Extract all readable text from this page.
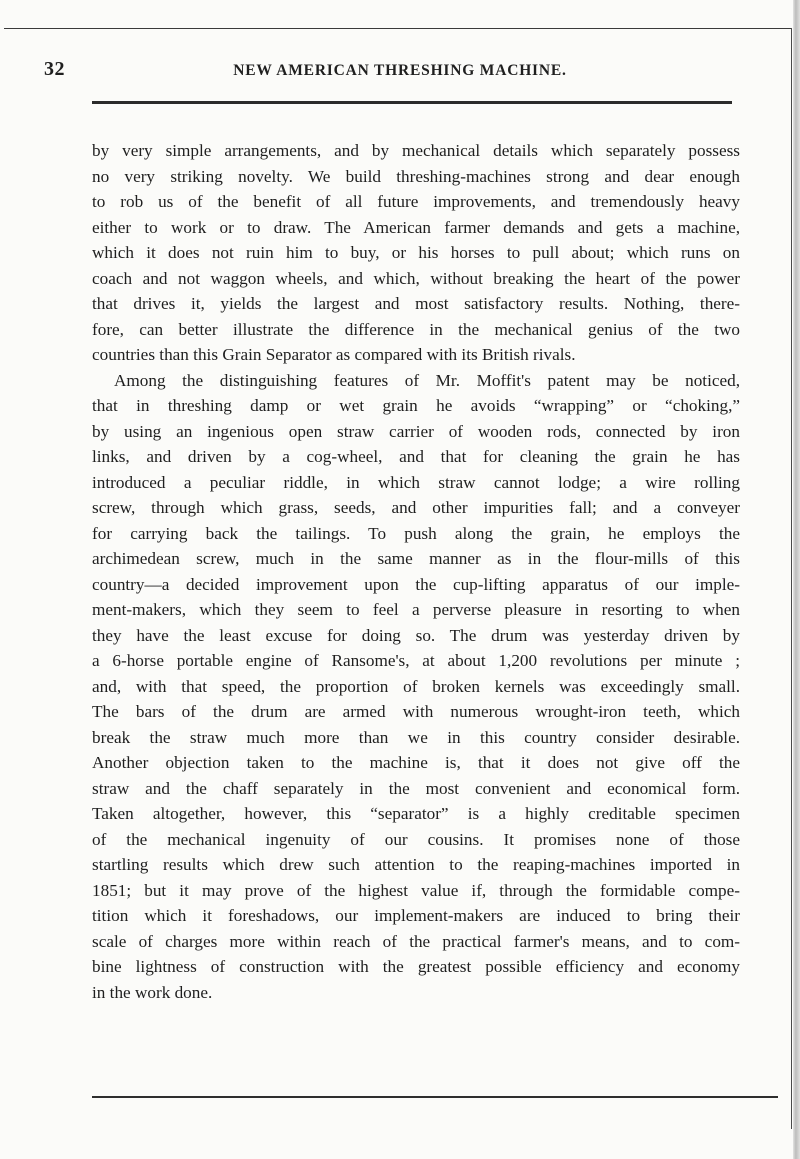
32	NEW AMERICAN THRESHING MACHINE.
by very simple arrangements, and by mechanical details which separately possess
no very striking novelty. We build threshing-machines strong and dear enough
to rob us of the benefit of all future improvements, and tremendously heavy
either to work or to draw. The American farmer demands and gets a machine,
which it does not ruin him to buy, or his horses to pull about; which runs on
coach and not waggon wheels, and which, without breaking the heart of the power
that drives it, yields the largest and most satisfactory results. Nothing, there-
fore, can better illustrate the difference in the mechanical genius of the two
countries than this Grain Separator as compared with its British rivals.
Among the distinguishing features of Mr. Moffit's patent may be noticed,
that in threshing damp or wet grain he avoids “wrapping” or “choking,”
by using an ingenious open straw carrier of wooden rods, connected by iron
links, and driven by a cog-wheel, and that for cleaning the grain he has
introduced a peculiar riddle, in which straw cannot lodge; a wire rolling
screw, through which grass, seeds, and other impurities fall; and a conveyer
for carrying back the tailings. To push along the grain, he employs the
archimedean screw, much in the same manner as in the flour-mills of this
country—a decided improvement upon the cup-lifting apparatus of our imple-
ment-makers, which they seem to feel a perverse pleasure in resorting to when
they have the least excuse for doing so. The drum was yesterday driven by
a 6-horse portable engine of Ransome's, at about 1,200 revolutions per minute ;
and, with that speed, the proportion of broken kernels was exceedingly small.
The bars of the drum are armed with numerous wrought-iron teeth, which
break the straw much more than we in this country consider desirable.
Another objection taken to the machine is, that it does not give off the
straw and the chaff separately in the most convenient and economical form.
Taken altogether, however, this “separator” is a highly creditable specimen
of the mechanical ingenuity of our cousins. It promises none of those
startling results which drew such attention to the reaping-machines imported in
1851; but it may prove of the highest value if, through the formidable compe-
tition which it foreshadows, our implement-makers are induced to bring their
scale of charges more within reach of the practical farmer's means, and to com-
bine lightness of construction with the greatest possible efficiency and economy
in the work done.
